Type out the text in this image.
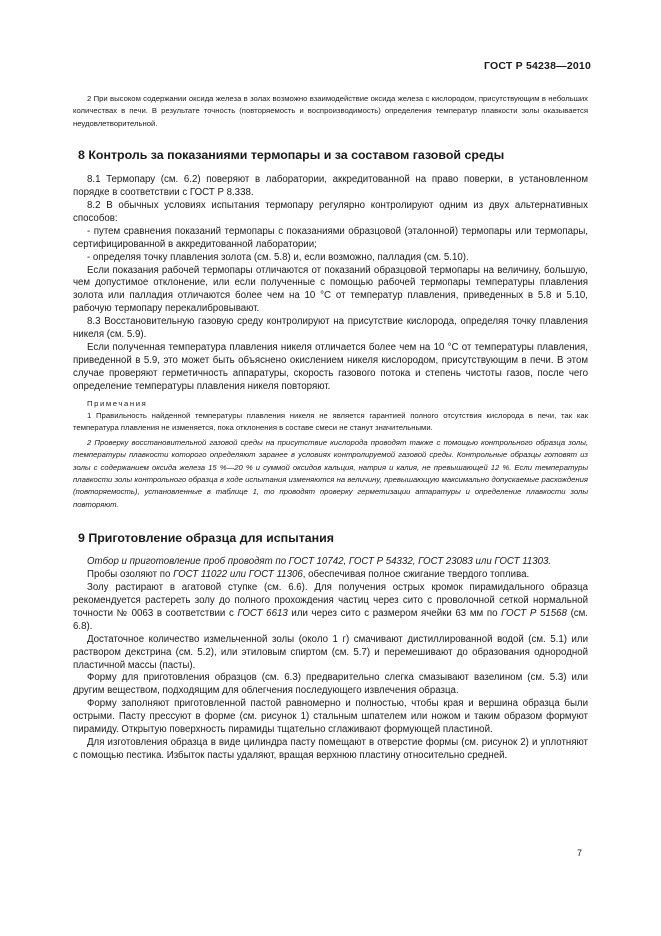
ГОСТ Р 54238—2010

2 При высоком содержании оксида железа в золах возможно взаимодействие оксида железа с кислородом, присутствующим в небольших количествах в печи. В результате точность (повторяемость и воспроизводимость) определения температур плавкости золы оказывается неудовлетворительной.

8 Контроль за показаниями термопары и за составом газовой среды

8.1 Термопару (см. 6.2) поверяют в лаборатории, аккредитованной на право поверки, в установленном порядке в соответствии с ГОСТ Р 8.338.

8.2 В обычных условиях испытания термопару регулярно контролируют одним из двух альтернативных способов:

- путем сравнения показаний термопары с показаниями образцовой (эталонной) термопары или термопары, сертифицированной в аккредитованной лаборатории;

- определяя точку плавления золота (см. 5.8) и, если возможно, палладия (см. 5.10).

Если показания рабочей термопары отличаются от показаний образцовой термопары на величину, большую, чем допустимое отклонение, или если полученные с помощью рабочей термопары температуры плавления золота или палладия отличаются более чем на 10 °С от температур плавления, приведенных в 5.8 и 5.10, рабочую термопару перекалибровывают.

8.3 Восстановительную газовую среду контролируют на присутствие кислорода, определяя точку плавления никеля (см. 5.9).

Если полученная температура плавления никеля отличается более чем на 10 °С от температуры плавления, приведенной в 5.9, это может быть объяснено окислением никеля кислородом, присутствующим в печи. В этом случае проверяют герметичность аппаратуры, скорость газового потока и степень чистоты газов, после чего определение температуры плавления никеля повторяют.

Примечания

1 Правильность найденной температуры плавления никеля не является гарантией полного отсутствия кислорода в печи, так как температура плавления не изменяется, пока отклонения в составе смеси не станут значительными.

2 Проверку восстановительной газовой среды на присутствие кислорода проводят также с помощью контрольного образца золы, температуры плавкости которого определяют заранее в условиях контролируемой газовой среды. Контрольные образцы готовят из золы с содержанием оксида железа 15 %—20 % и суммой оксидов кальция, натрия и калия, не превышающей 12 %. Если температуры плавкости золы контрольного образца в ходе испытания изменяются на величину, превышающую максимально допускаемые расхождения (повторяемость), установленные в таблице 1, то проводят проверку герметизации аппаратуры и определение плавкости золы повторяют.

9 Приготовление образца для испытания

Отбор и приготовление проб проводят по ГОСТ 10742, ГОСТ Р 54332, ГОСТ 23083 или ГОСТ 11303.

Пробы озоляют по ГОСТ 11022 или ГОСТ 11306, обеспечивая полное сжигание твердого топлива.

Золу растирают в агатовой ступке (см. 6.6). Для получения острых кромок пирамидального образца рекомендуется растереть золу до полного прохождения частиц через сито с проволочной сеткой нормальной точности № 0063 в соответствии с ГОСТ 6613 или через сито с размером ячейки 63 мм по ГОСТ Р 51568 (см. 6.8).

Достаточное количество измельченной золы (около 1 г) смачивают дистиллированной водой (см. 5.1) или раствором декстрина (см. 5.2), или этиловым спиртом (см. 5.7) и перемешивают до образования однородной пластичной массы (пасты).

Форму для приготовления образцов (см. 6.3) предварительно слегка смазывают вазелином (см. 5.3) или другим веществом, подходящим для облегчения последующего извлечения образца.

Форму заполняют приготовленной пастой равномерно и полностью, чтобы края и вершина образца были острыми. Пасту прессуют в форме (см. рисунок 1) стальным шпателем или ножом и таким образом формуют пирамиду. Открытую поверхность пирамиды тщательно сглаживают формующей пластиной.

Для изготовления образца в виде цилиндра пасту помещают в отверстие формы (см. рисунок 2) и уплотняют с помощью пестика. Избыток пасты удаляют, вращая верхнюю пластину относительно средней.

7
